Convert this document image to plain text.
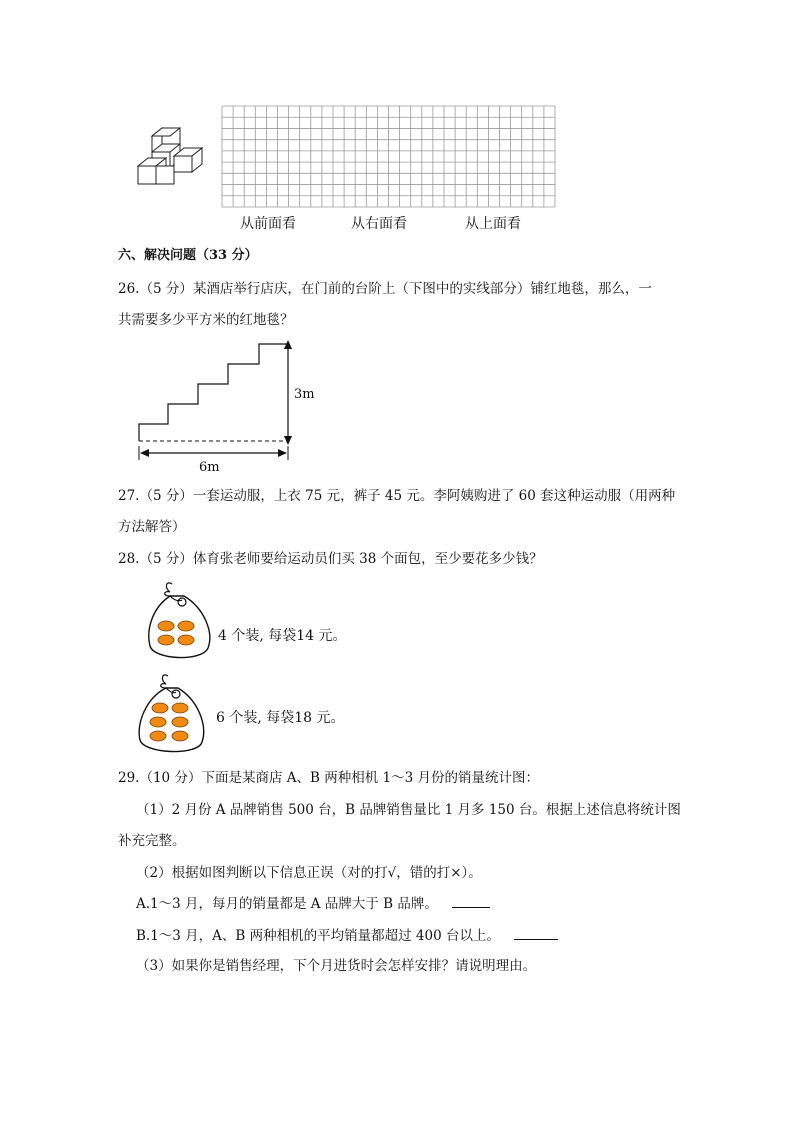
从前面看	从右面看	从上面看
六、解决问题（33 分）
26.（5 分）某酒店举行店庆，在门前的台阶上（下图中的实线部分）铺红地毯，那么，一
共需要多少平方米的红地毯？
3m
6m
27.（5 分）一套运动服，上衣 75 元，裤子 45 元。李阿姨购进了 60 套这种运动服（用两种
方法解答）
28.（5 分）体育张老师要给运动员们买 38 个面包，至少要花多少钱？
4 个装, 每袋14 元。
6 个装, 每袋18 元。
29.（10 分）下面是某商店 A、B 两种相机 1～3 月份的销量统计图：
（1）2 月份 A 品牌销售 500 台，B 品牌销售量比 1 月多 150 台。根据上述信息将统计图
补充完整。
（2）根据如图判断以下信息正误（对的打√，错的打×）。
A.1～3 月，每月的销量都是 A 品牌大于 B 品牌。
B.1～3 月，A、B 两种相机的平均销量都超过 400 台以上。
（3）如果你是销售经理，下个月进货时会怎样安排？请说明理由。
